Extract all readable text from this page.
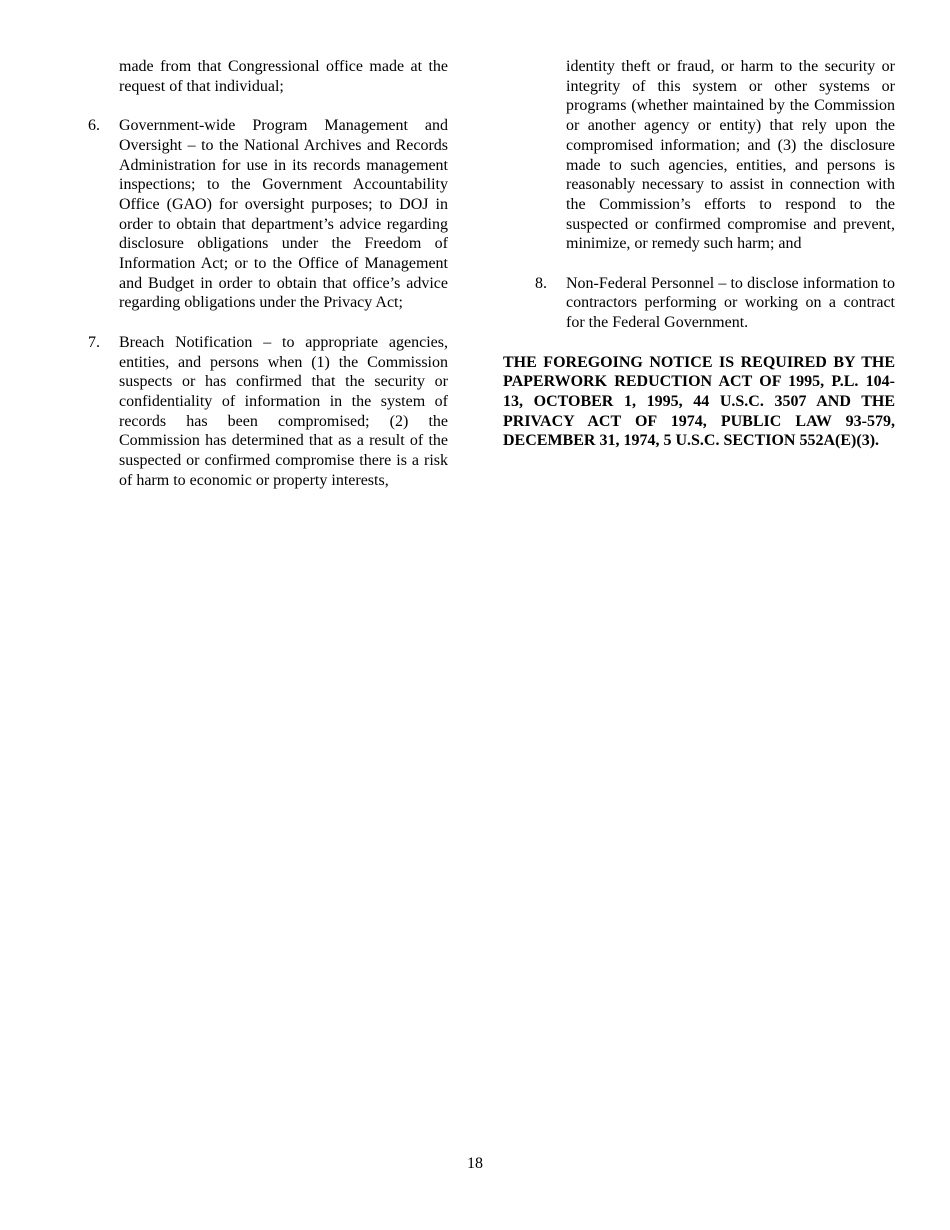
made from that Congressional office made at the request of that individual;

6.	Government-wide Program Management and Oversight – to the National Archives and Records Administration for use in its records management inspections; to the Government Accountability Office (GAO) for oversight purposes; to DOJ in order to obtain that department’s advice regarding disclosure obligations under the Freedom of Information Act; or to the Office of Management and Budget in order to obtain that office’s advice regarding obligations under the Privacy Act;
7.	Breach Notification – to appropriate agencies, entities, and persons when (1) the Commission suspects or has confirmed that the security or confidentiality of information in the system of records has been compromised; (2) the Commission has determined that as a result of the suspected or confirmed compromise there is a risk of harm to economic or property interests,

identity theft or fraud, or harm to the security or integrity of this system or other systems or programs (whether maintained by the Commission or another agency or entity) that rely upon the compromised information; and (3) the disclosure made to such agencies, entities, and persons is reasonably necessary to assist in connection with the Commission’s efforts to respond to the suspected or confirmed compromise and prevent, minimize, or remedy such harm; and

8.	Non-Federal Personnel – to disclose information to contractors performing or working on a contract for the Federal Government.

THE FOREGOING NOTICE IS REQUIRED BY THE PAPERWORK REDUCTION ACT OF 1995, P.L. 104-13, OCTOBER 1, 1995, 44 U.S.C. 3507 AND THE PRIVACY ACT OF 1974, PUBLIC LAW 93-579, DECEMBER 31, 1974, 5 U.S.C. SECTION 552A(E)(3).

18
